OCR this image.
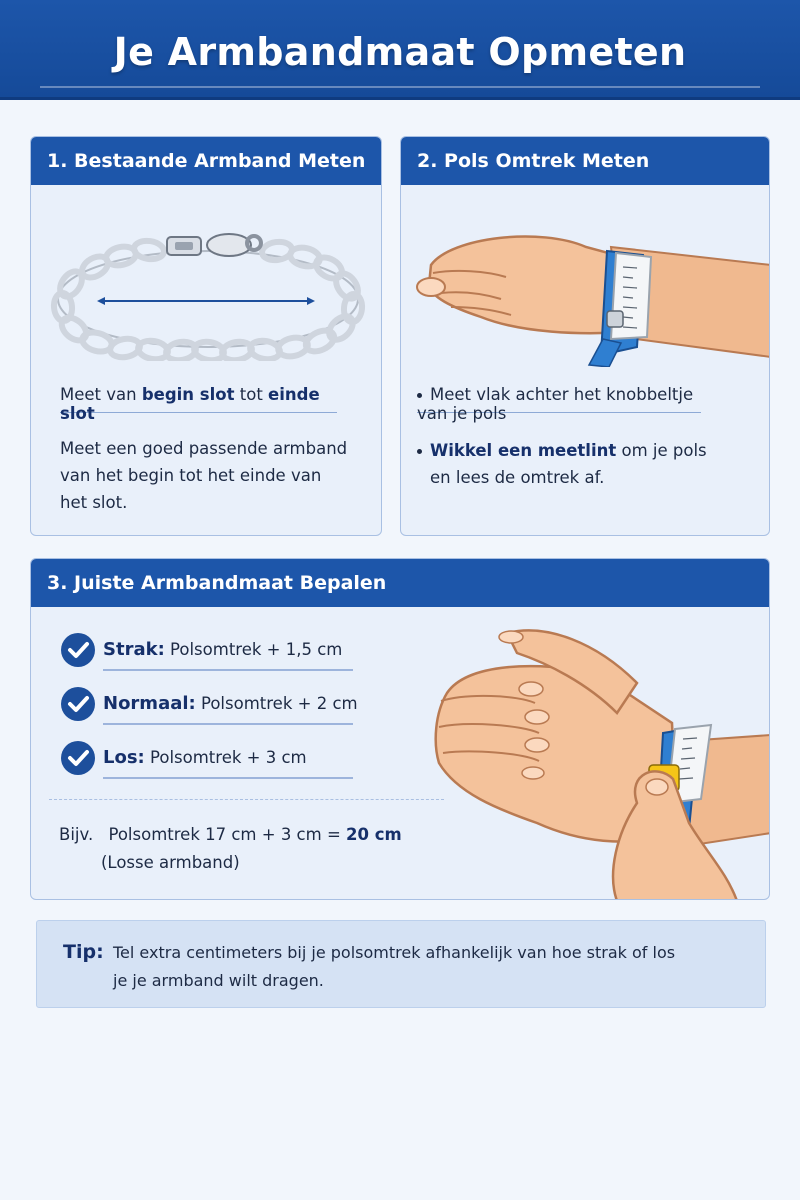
Je Armbandmaat Opmeten
1. Bestaande Armband Meten
Meet van begin slot tot einde slot
Meet een goed passende armband
van het begin tot het einde van
het slot.
2. Pols Omtrek Meten
Meet vlak achter het knobbeltje van je pols
Wikkel een meetlint om je pols
en lees de omtrek af.
3. Juiste Armbandmaat Bepalen
Strak: Polsomtrek + 1,5 cm
Normaal: Polsomtrek + 2 cm
Los: Polsomtrek + 3 cm
Bijv. Polsomtrek 17 cm + 3 cm = 20 cm
(Losse armband)
Tip: Tel extra centimeters bij je polsomtrek afhankelijk van hoe strak of los
je je armband wilt dragen.
